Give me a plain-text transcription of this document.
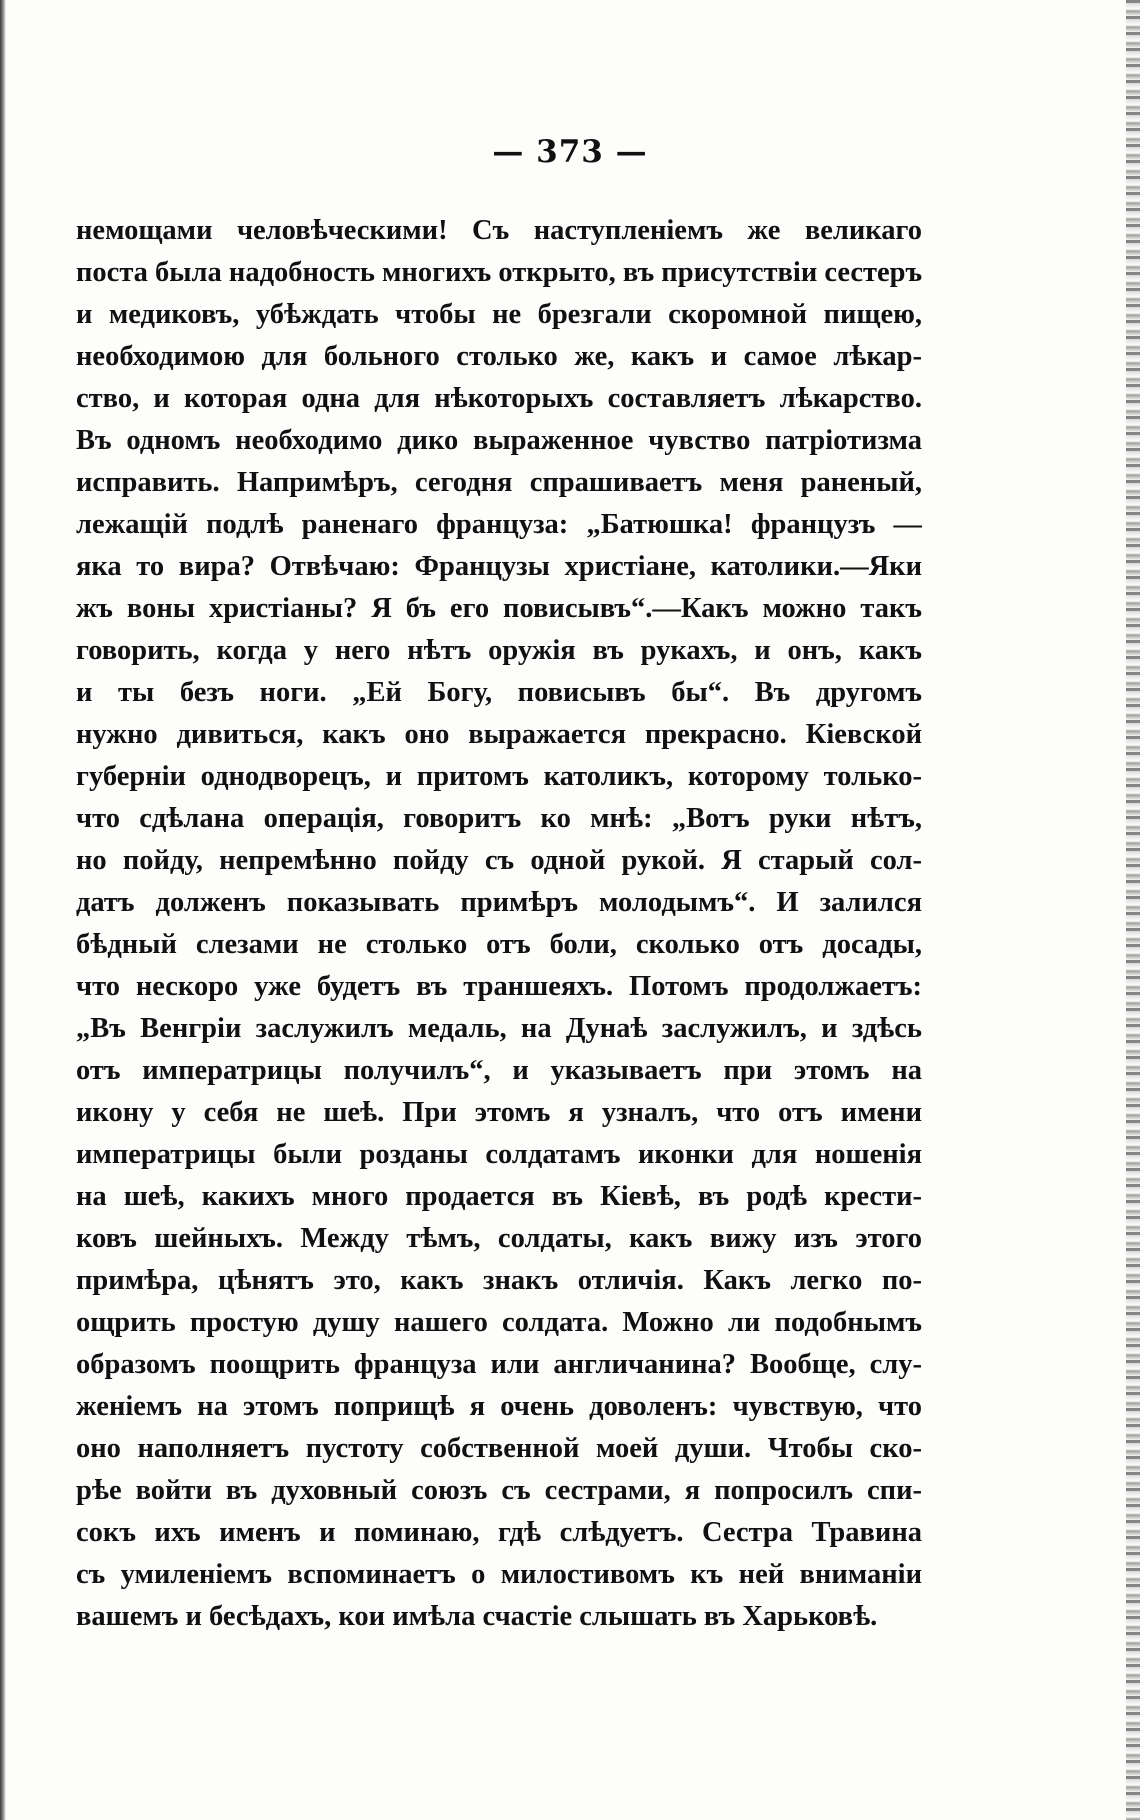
— 373 —
немощами человѣческими! Съ наступленіемъ же великаго
поста была надобность многихъ открыто, въ присутствіи сестеръ
и медиковъ, убѣждать чтобы не брезгали скоромной пищею,
необходимою для больного столько же, какъ и самое лѣкар-
ство, и которая одна для нѣкоторыхъ составляетъ лѣкарство.
Въ одномъ необходимо дико выраженное чувство патріотизма
исправить. Напримѣръ, сегодня спрашиваетъ меня раненый,
лежащій подлѣ раненаго француза: „Батюшка! французъ —
яка то вира? Отвѣчаю: Французы христіане, католики.—Яки
жъ воны христіаны? Я бъ его повисывъ“.—Какъ можно такъ
говорить, когда у него нѣтъ оружія въ рукахъ, и онъ, какъ
и ты безъ ноги. „Ей Богу, повисывъ бы“. Въ другомъ
нужно дивиться, какъ оно выражается прекрасно. Кіевской
губерніи однодворецъ, и притомъ католикъ, которому только-
что сдѣлана операція, говоритъ ко мнѣ: „Вотъ руки нѣтъ,
но пойду, непремѣнно пойду съ одной рукой. Я старый сол-
датъ долженъ показывать примѣръ молодымъ“. И залился
бѣдный слезами не столько отъ боли, сколько отъ досады,
что нескоро уже будетъ въ траншеяхъ. Потомъ продолжаетъ:
„Въ Венгріи заслужилъ медаль, на Дунаѣ заслужилъ, и здѣсь
отъ императрицы получилъ“, и указываетъ при этомъ на
икону у себя не шеѣ. При этомъ я узналъ, что отъ имени
императрицы были розданы солдатамъ иконки для ношенія
на шеѣ, какихъ много продается въ Кіевѣ, въ родѣ крести-
ковъ шейныхъ. Между тѣмъ, солдаты, какъ вижу изъ этого
примѣра, цѣнятъ это, какъ знакъ отличія. Какъ легко по-
ощрить простую душу нашего солдата. Можно ли подобнымъ
образомъ поощрить француза или англичанина? Вообще, слу-
женіемъ на этомъ поприщѣ я очень доволенъ: чувствую, что
оно наполняетъ пустоту собственной моей души. Чтобы ско-
рѣе войти въ духовный союзъ съ сестрами, я попросилъ спи-
сокъ ихъ именъ и поминаю, гдѣ слѣдуетъ. Сестра Травина
съ умиленіемъ вспоминаетъ о милостивомъ къ ней вниманіи
вашемъ и бесѣдахъ, кои имѣла счастіе слышать въ Харьковѣ.
